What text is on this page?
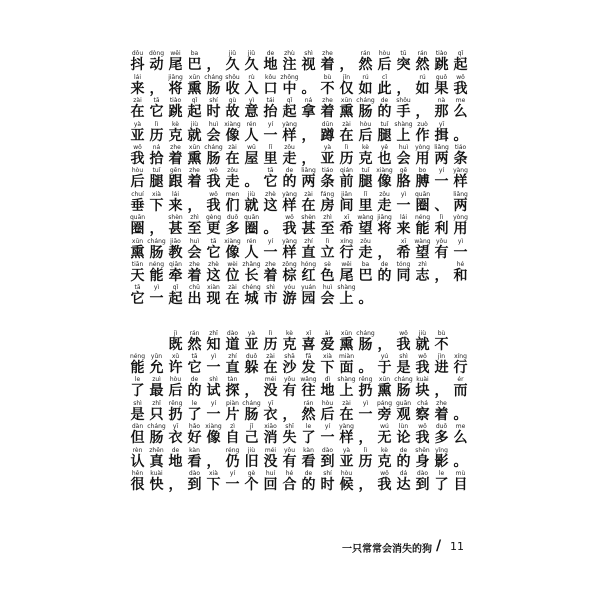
dǒu
抖
dòng
动
wěi
尾
ba
巴 ，
jiǔ
久
jiǔ
久
de
地
zhù
注
shì
视
zhe
着 ，
rán
然
hòu
后
tū
突
rán
然
tiào
跳
qǐ
起
lái
来 ，
jiāng
将
xūn
熏
cháng
肠
shōu
收
rù
入
kǒu
口
zhōng
中 。
bù
不
jǐn
仅
rú
如
cǐ
此 ，
rú
如
guǒ
果
wǒ
我
zài
在
tā
它
tiào
跳
qǐ
起
shí
时
gù
故
yì
意
tái
抬
qǐ
起
ná
拿
zhe
着
xūn
熏
cháng
肠
de
的
shǒu
手 ，
nà
那
me
么
yà
亚
lì
历
kè
克
jiù
就
huì
会
xiàng
像
rén
人
yí
一
yàng
样 ，
dūn
蹲
zài
在
hòu
后
tuǐ
腿
shàng
上
zuò
作
yī
揖 。
wǒ
我
ná
拾
zhe
着
xūn
熏
cháng
肠
zài
在
wū
屋
lǐ
里
zǒu
走 ，
yà
亚
lì
历
kè
克
yě
也
huì
会
yòng
用
liǎng
两
tiáo
条
hòu
后
tuǐ
腿
gēn
跟
zhe
着
wǒ
我
zǒu
走 。
tā
它
de
的
liǎng
两
tiáo
条
qián
前
tuǐ
腿
xiàng
像
gē
胳
bo
膊
yí
一
yàng
样
chuí
垂
xià
下
lái
来 ，
wǒ
我
men
们
jiù
就
zhè
这
yàng
样
zài
在
fáng
房
jiān
间
lǐ
里
zǒu
走
yì
一
quān
圈 、
liǎng
两
quān
圈 ，
shèn
甚
zhì
至
gèng
更
duō
多
quān
圈 。
wǒ
我
shèn
甚
zhì
至
xī
希
wàng
望
jiāng
将
lái
来
néng
能
lì
利
yòng
用
xūn
熏
cháng
肠
jiāo
教
huì
会
tā
它
xiàng
像
rén
人
yí
一
yàng
样
zhí
直
lì
立
xíng
行
zǒu
走 ，
xī
希
wàng
望
yǒu
有
yì
一
tiān
天
néng
能
qiān
牵
zhe
着
zhè
这
wèi
位
zhǎng
长
zhe
着
zōng
棕
hóng
红
sè
色
wěi
尾
ba
巴
de
的
tóng
同
zhì
志 ，
hé
和
tā
它
yì
一
qǐ
起
chū
出
xiàn
现
zài
在
chéng
城
shì
市
yóu
游
yuán
园
huì
会
shàng
上 。

jì
既
rán
然
zhī
知
dào
道
yà
亚
lì
历
kè
克
xǐ
喜
ài
爱
xūn
熏
cháng
肠 ，
wǒ
我
jiù
就
bù
不
néng
能
yǔn
允
xǔ
许
tā
它
yì
一
zhí
直
duǒ
躲
zài
在
shā
沙
fā
发
xià
下
miàn
面 。
yú
于
shì
是
wǒ
我
jìn
进
xíng
行
le
了
zuì
最
hòu
后
de
的
shì
试
tàn
探 ，
méi
没
yǒu
有
wǎng
往
dì
地
shàng
上
rēng
扔
xūn
熏
cháng
肠
kuài
块 ，
ér
而
shì
是
zhǐ
只
rēng
扔
le
了
yí
一
piàn
片
cháng
肠
yī
衣 ，
rán
然
hòu
后
zài
在
yì
一
páng
旁
guān
观
chá
察
zhe
着 。
dàn
但
cháng
肠
yī
衣
hǎo
好
xiàng
像
zì
自
jǐ
己
xiāo
消
shī
失
le
了
yí
一
yàng
样 ，
wú
无
lùn
论
wǒ
我
duō
多
me
么
rèn
认
zhēn
真
de
地
kàn
看 ，
réng
仍
jiù
旧
méi
没
yǒu
有
kàn
看
dào
到
yà
亚
lì
历
kè
克
de
的
shēn
身
yǐng
影 。
hěn
很
kuài
快 ，
dào
到
xià
下
yí
一
gè
个
huí
回
hé
合
de
的
shí
时
hòu
候 ，
wǒ
我
dá
达
dào
到
le
了
mù
目
一只常常会消失的狗 / 11
